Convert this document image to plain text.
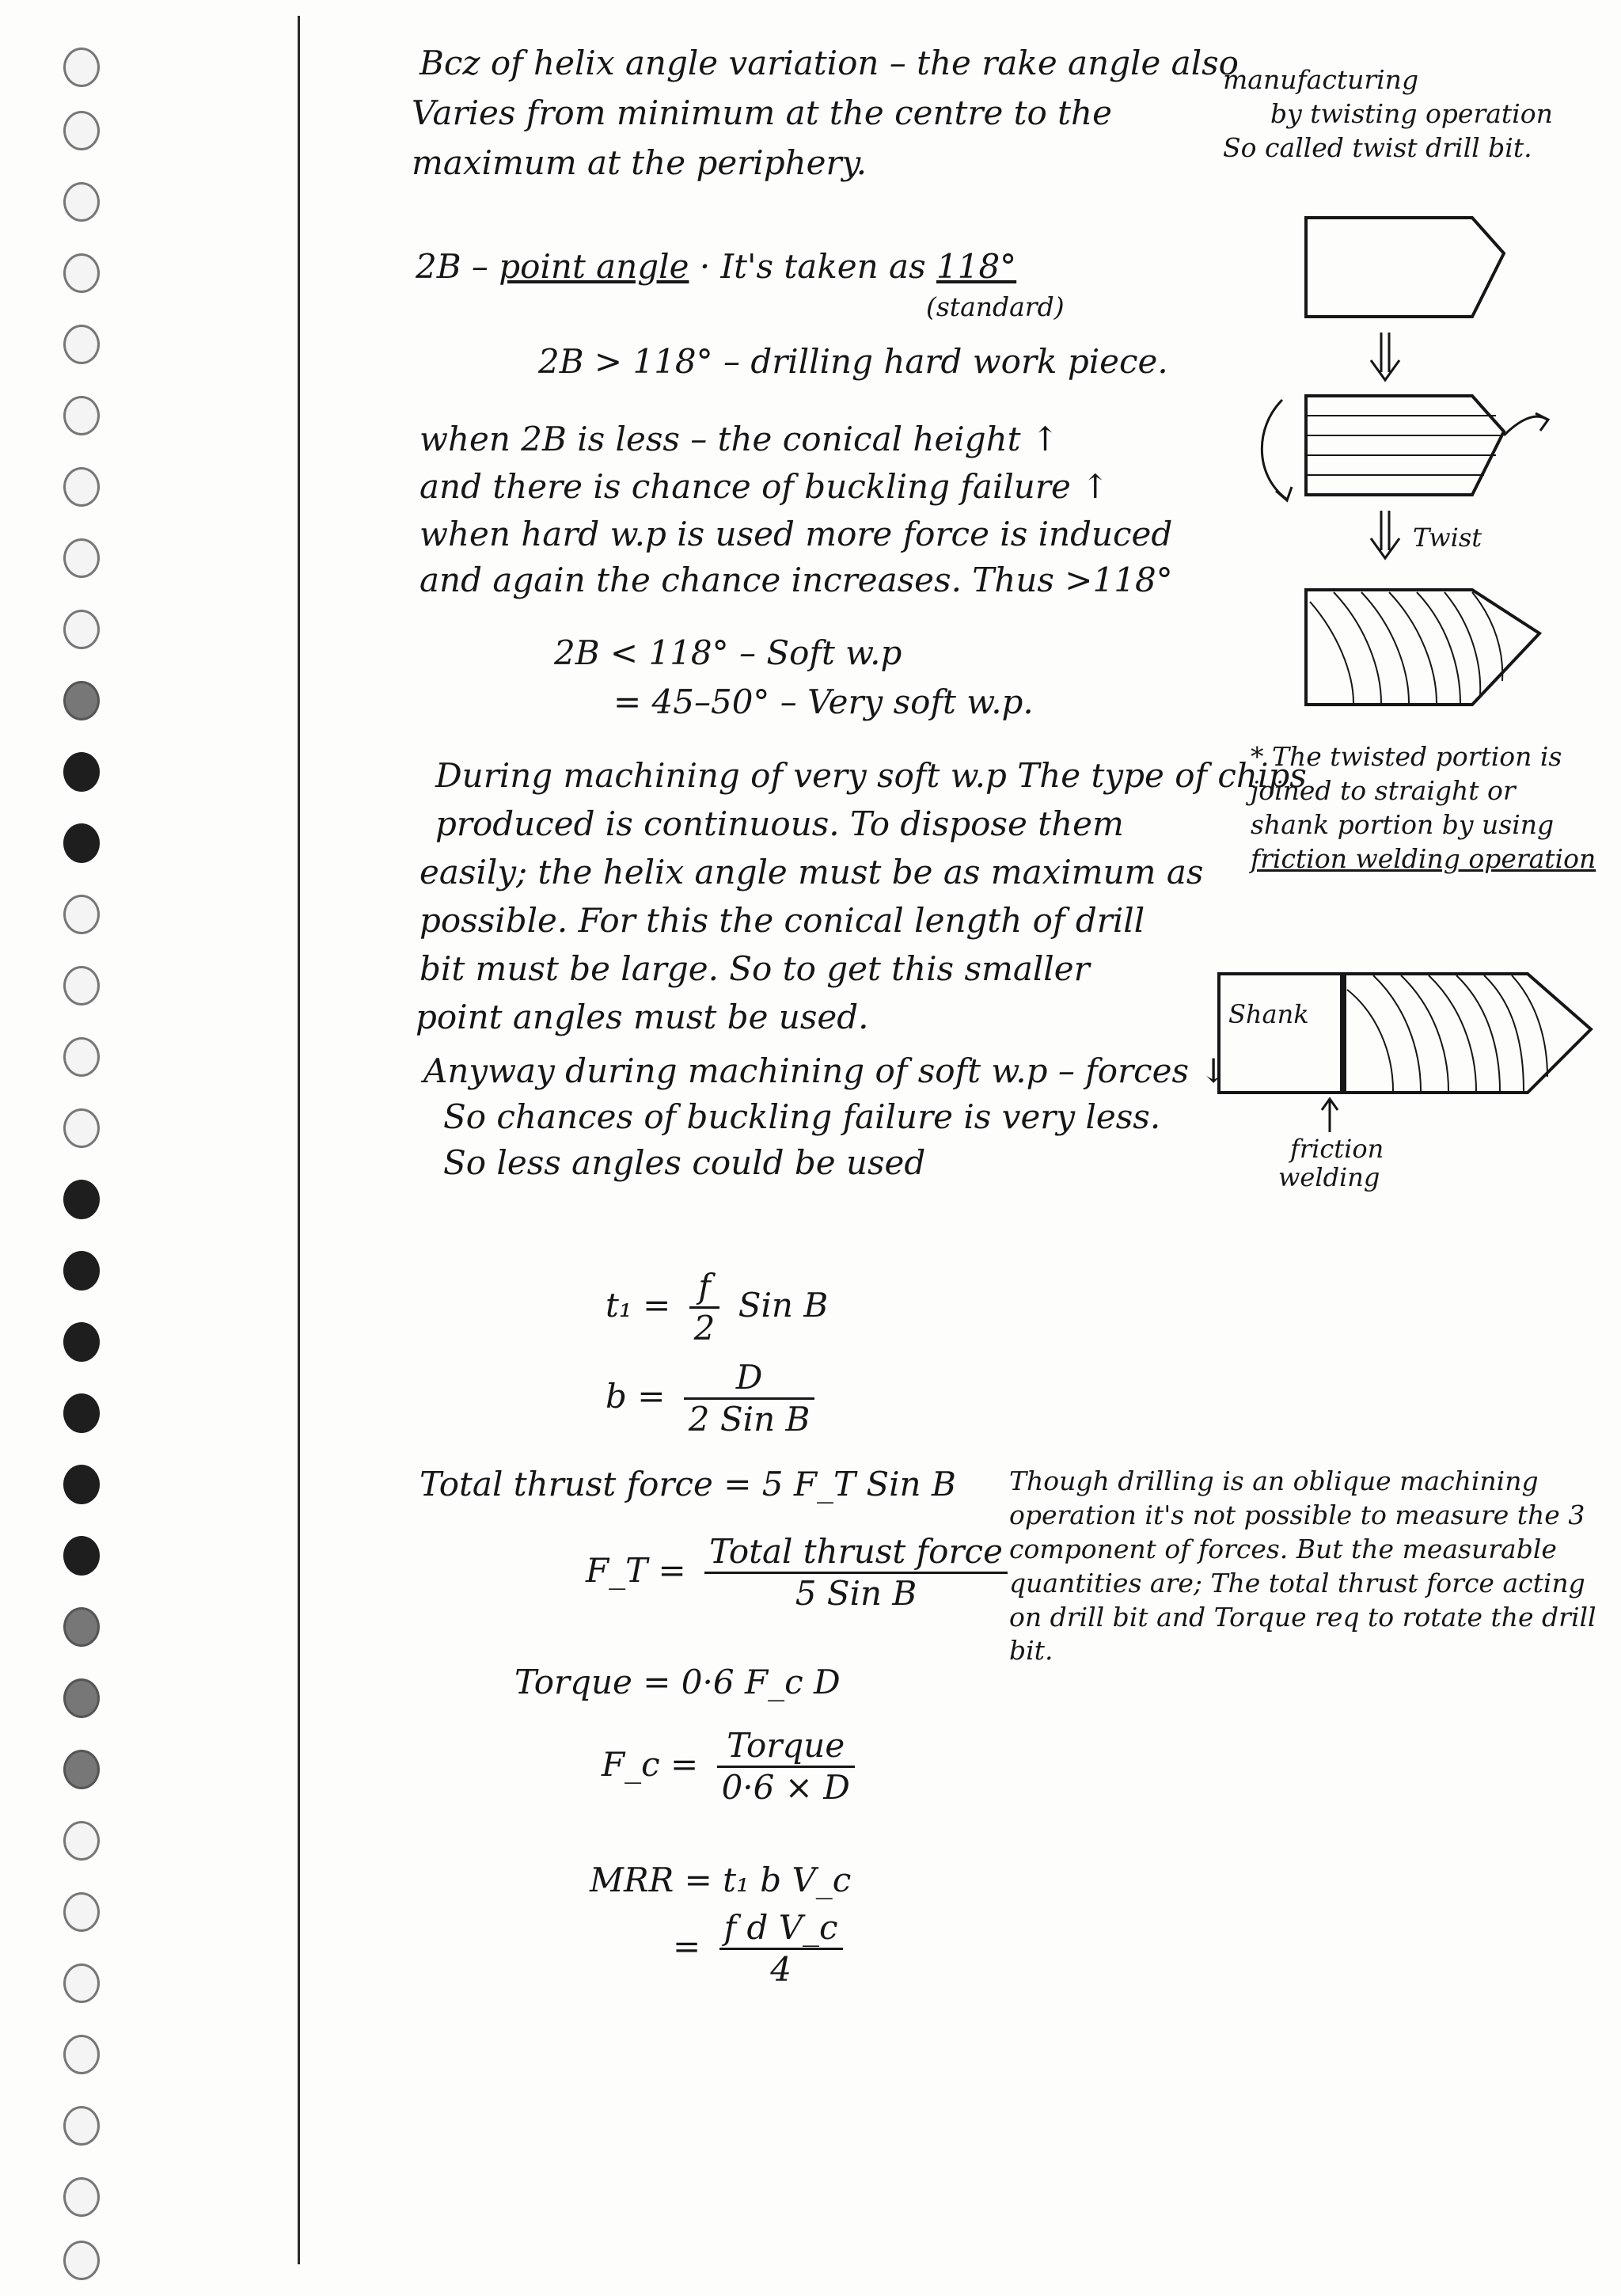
Bcz of helix angle variation – the rake angle also
Varies from minimum at the centre to the
maximum at the periphery.
2B – point angle · It's taken as 118°
(standard)
2B > 118° – drilling hard work piece.
when 2B is less – the conical height ↑
and there is chance of buckling failure ↑
when hard w.p is used more force is induced
and again the chance increases. Thus >118°
2B < 118° – Soft w.p
= 45–50° – Very soft w.p.
During machining of very soft w.p The type of chips
produced is continuous. To dispose them
easily; the helix angle must be as maximum as
possible. For this the conical length of drill
bit must be large. So to get this smaller
point angles must be used.
Anyway during machining of soft w.p – forces ↓
So chances of buckling failure is very less.
So less angles could be used
$t_1 = \frac{f}{2}$ Sin B
$b = \frac{D}{\text{2 Sin B}}$
Total thrust force = 5 F_T Sin B
F_T = $\frac{\text{Total thrust force}}{\text{5 Sin B}}$
Torque = 0·6 F_c D
F_c = $\frac{\text{Torque}}{0\cdot 6 \times D}$
MRR = t₁ b V_c
= $\frac{\text{f d V\_c}}{4}$
manufacturing
by twisting operation
So called twist drill bit.
Twist
* The twisted portion is joined to straight or shank portion by using friction welding operation
Shank
friction
welding
Though drilling is an oblique machining operation it's not possible to measure the 3 component of forces. But the measurable quantities are; The total thrust force acting on drill bit and Torque req to rotate the drill bit.
